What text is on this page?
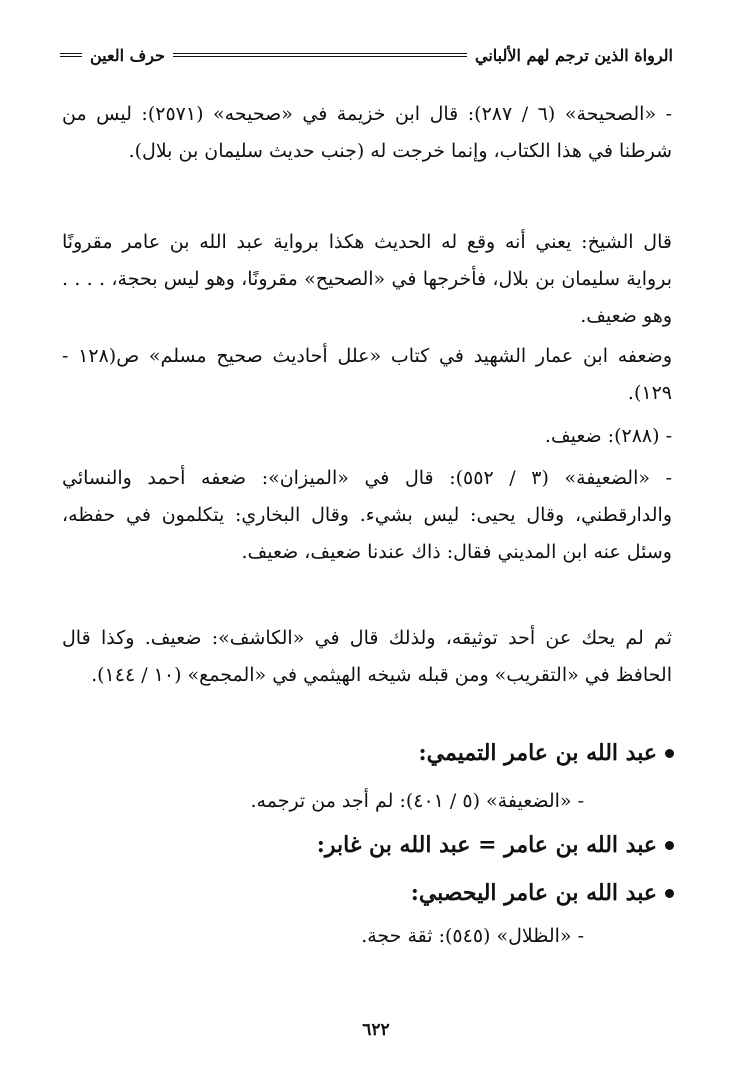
الرواة الذين ترجم لهم الألباني
حرف العين

- «الصحيحة» (٦ / ٢٨٧): قال ابن خزيمة في «صحيحه» (٢٥٧١): ليس من شرطنا في هذا الكتاب، وإنما خرجت له (جنب حديث سليمان بن بلال).

قال الشيخ: يعني أنه وقع له الحديث هكذا برواية عبد الله بن عامر مقرونًا برواية سليمان بن بلال، فأخرجها في «الصحيح» مقرونًا، وهو ليس بحجة، . . . . وهو ضعيف.

وضعفه ابن عمار الشهيد في كتاب «علل أحاديث صحيح مسلم» ص(١٢٨ - ١٢٩).

- (٢٨٨): ضعيف.

- «الضعيفة» (٣ / ٥٥٢): قال في «الميزان»: ضعفه أحمد والنسائي والدارقطني، وقال يحيى: ليس بشيء. وقال البخاري: يتكلمون في حفظه، وسئل عنه ابن المديني فقال: ذاك عندنا ضعيف، ضعيف.

ثم لم يحك عن أحد توثيقه، ولذلك قال في «الكاشف»: ضعيف. وكذا قال الحافظ في «التقريب» ومن قبله شيخه الهيثمي في «المجمع» (١٠ / ١٤٤).

عبد الله بن عامر التميمي:
- «الضعيفة» (٥ / ٤٠١): لم أجد من ترجمه.
عبد الله بن عامر = عبد الله بن غابر:
عبد الله بن عامر اليحصبي:
- «الظلال» (٥٤٥): ثقة حجة.
٦٢٢
